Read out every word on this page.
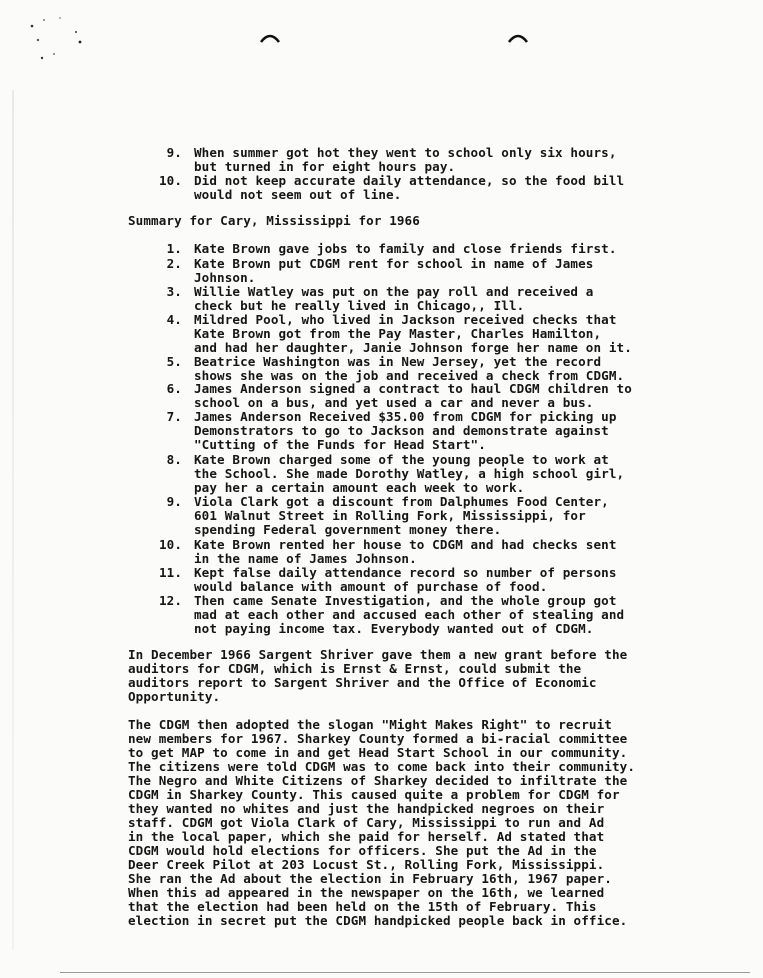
9. When summer got hot they went to school only six hours,
but turned in for eight hours pay.
10. Did not keep accurate daily attendance, so the food bill
would not seem out of line.
Summary for Cary, Mississippi for 1966
1. Kate Brown gave jobs to family and close friends first.
2. Kate Brown put CDGM rent for school in name of James
Johnson.
3. Willie Watley was put on the pay roll and received a
check but he really lived in Chicago,, Ill.
4. Mildred Pool, who lived in Jackson received checks that
Kate Brown got from the Pay Master, Charles Hamilton,
and had her daughter, Janie Johnson forge her name on it.
5. Beatrice Washington was in New Jersey, yet the record
shows she was on the job and received a check from CDGM.
6. James Anderson signed a contract to haul CDGM children to
school on a bus, and yet used a car and never a bus.
7. James Anderson Received $35.00 from CDGM for picking up
Demonstrators to go to Jackson and demonstrate against
"Cutting of the Funds for Head Start".
8. Kate Brown charged some of the young people to work at
the School. She made Dorothy Watley, a high school girl,
pay her a certain amount each week to work.
9. Viola Clark got a discount from Dalphumes Food Center,
601 Walnut Street in Rolling Fork, Mississippi, for
spending Federal government money there.
10. Kate Brown rented her house to CDGM and had checks sent
in the name of James Johnson.
11. Kept false daily attendance record so number of persons
would balance with amount of purchase of food.
12. Then came Senate Investigation, and the whole group got
mad at each other and accused each other of stealing and
not paying income tax. Everybody wanted out of CDGM.
In December 1966 Sargent Shriver gave them a new grant before the
auditors for CDGM, which is Ernst & Ernst, could submit the
auditors report to Sargent Shriver and the Office of Economic
Opportunity.
The CDGM then adopted the slogan "Might Makes Right" to recruit
new members for 1967. Sharkey County formed a bi-racial committee
to get MAP to come in and get Head Start School in our community.
The citizens were told CDGM was to come back into their community.
The Negro and White Citizens of Sharkey decided to infiltrate the
CDGM in Sharkey County. This caused quite a problem for CDGM for
they wanted no whites and just the handpicked negroes on their
staff. CDGM got Viola Clark of Cary, Mississippi to run and Ad
in the local paper, which she paid for herself. Ad stated that
CDGM would hold elections for officers. She put the Ad in the
Deer Creek Pilot at 203 Locust St., Rolling Fork, Mississippi.
She ran the Ad about the election in February 16th, 1967 paper.
When this ad appeared in the newspaper on the 16th, we learned
that the election had been held on the 15th of February. This
election in secret put the CDGM handpicked people back in office.
